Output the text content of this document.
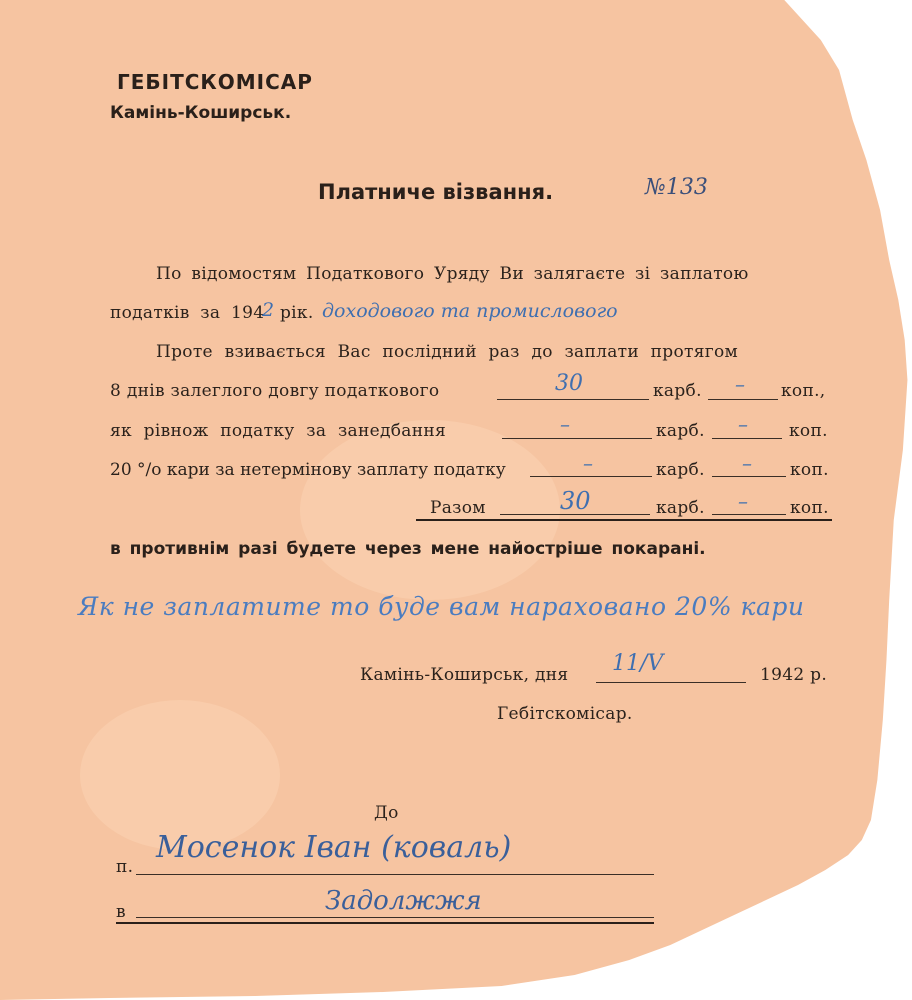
ГЕБІТСКОМІСАР
Камінь-Коширськ.
Платниче візвання.	№133
По відомостям Податкового Уряду Ви залягаєте зі заплатою
податків за 194
2 рік. доходового та промислового
Проте взивається Вас послідний раз до заплати протягом
8 днів залеглого довгу податкового	30	карб. – коп.,
як рівнож податку за занедбання	–	карб. – коп.
20 °/о кари за нетермінову заплату податку	–	карб. – коп.
Разом	30	карб. – коп.
в противнім разі будете через мене найостріше покарані.
Як не заплатите то буде вам нараховано 20% кари
Камінь-Коширськ, дня 11/V	1942 р.
Гебітскомісар.
До
п.
Мосенок Іван (коваль)
в	Задолжжя
